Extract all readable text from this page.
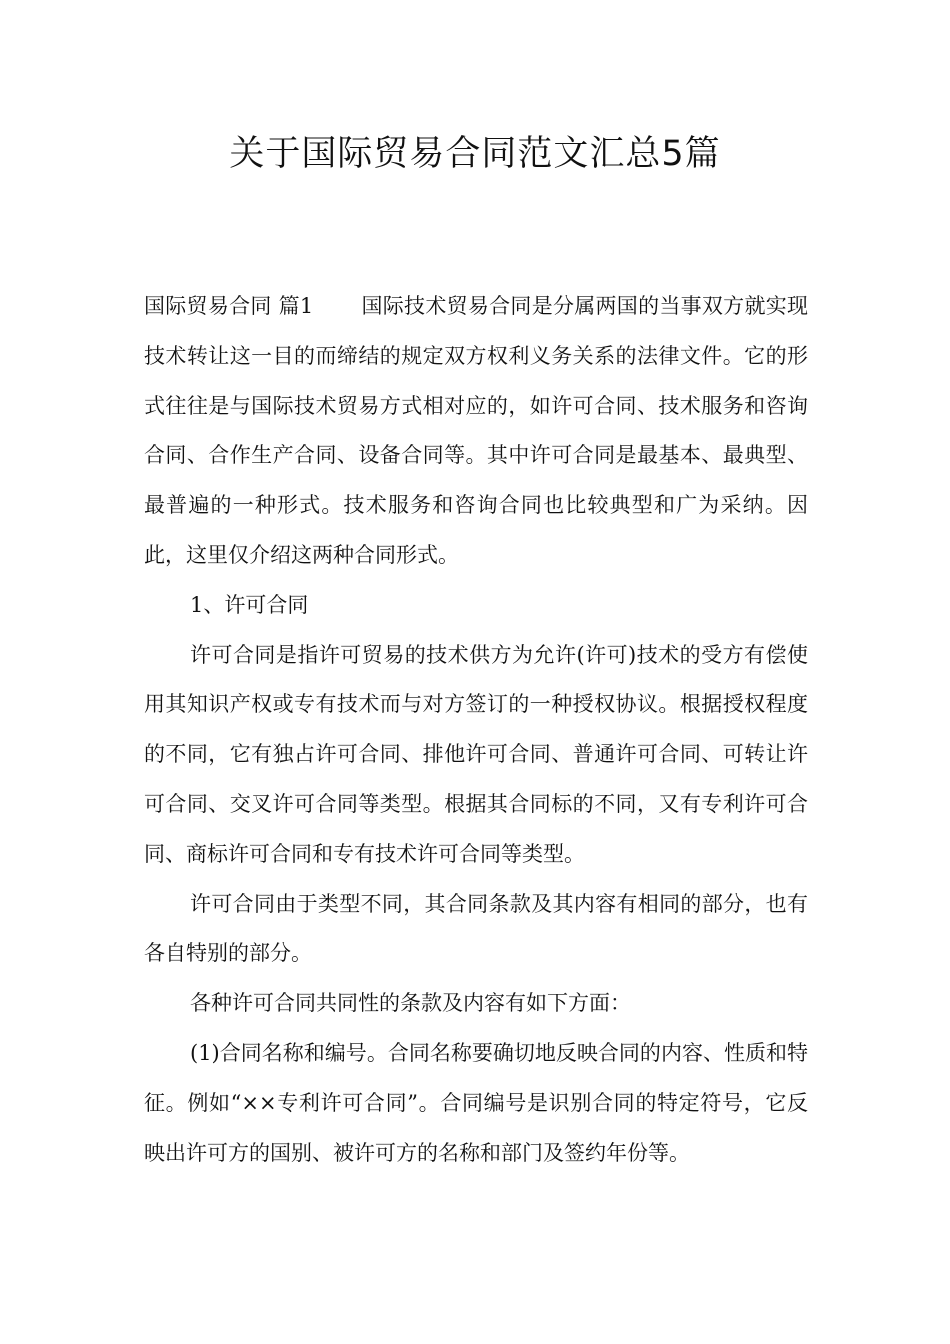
关于国际贸易合同范文汇总5篇

国际贸易合同 篇1 国际技术贸易合同是分属两国的当事双方就实现技术转让这一目的而缔结的规定双方权利义务关系的法律文件。它的形式往往是与国际技术贸易方式相对应的，如许可合同、技术服务和咨询合同、合作生产合同、设备合同等。其中许可合同是最基本、最典型、最普遍的一种形式。技术服务和咨询合同也比较典型和广为采纳。因此，这里仅介绍这两种合同形式。

1、许可合同

许可合同是指许可贸易的技术供方为允许(许可)技术的受方有偿使用其知识产权或专有技术而与对方签订的一种授权协议。根据授权程度的不同，它有独占许可合同、排他许可合同、普通许可合同、可转让许可合同、交叉许可合同等类型。根据其合同标的不同，又有专利许可合同、商标许可合同和专有技术许可合同等类型。

许可合同由于类型不同，其合同条款及其内容有相同的部分，也有各自特别的部分。

各种许可合同共同性的条款及内容有如下方面：

(1)合同名称和编号。合同名称要确切地反映合同的内容、性质和特征。例如“××专利许可合同”。合同编号是识别合同的特定符号，它反映出许可方的国别、被许可方的名称和部门及签约年份等。
